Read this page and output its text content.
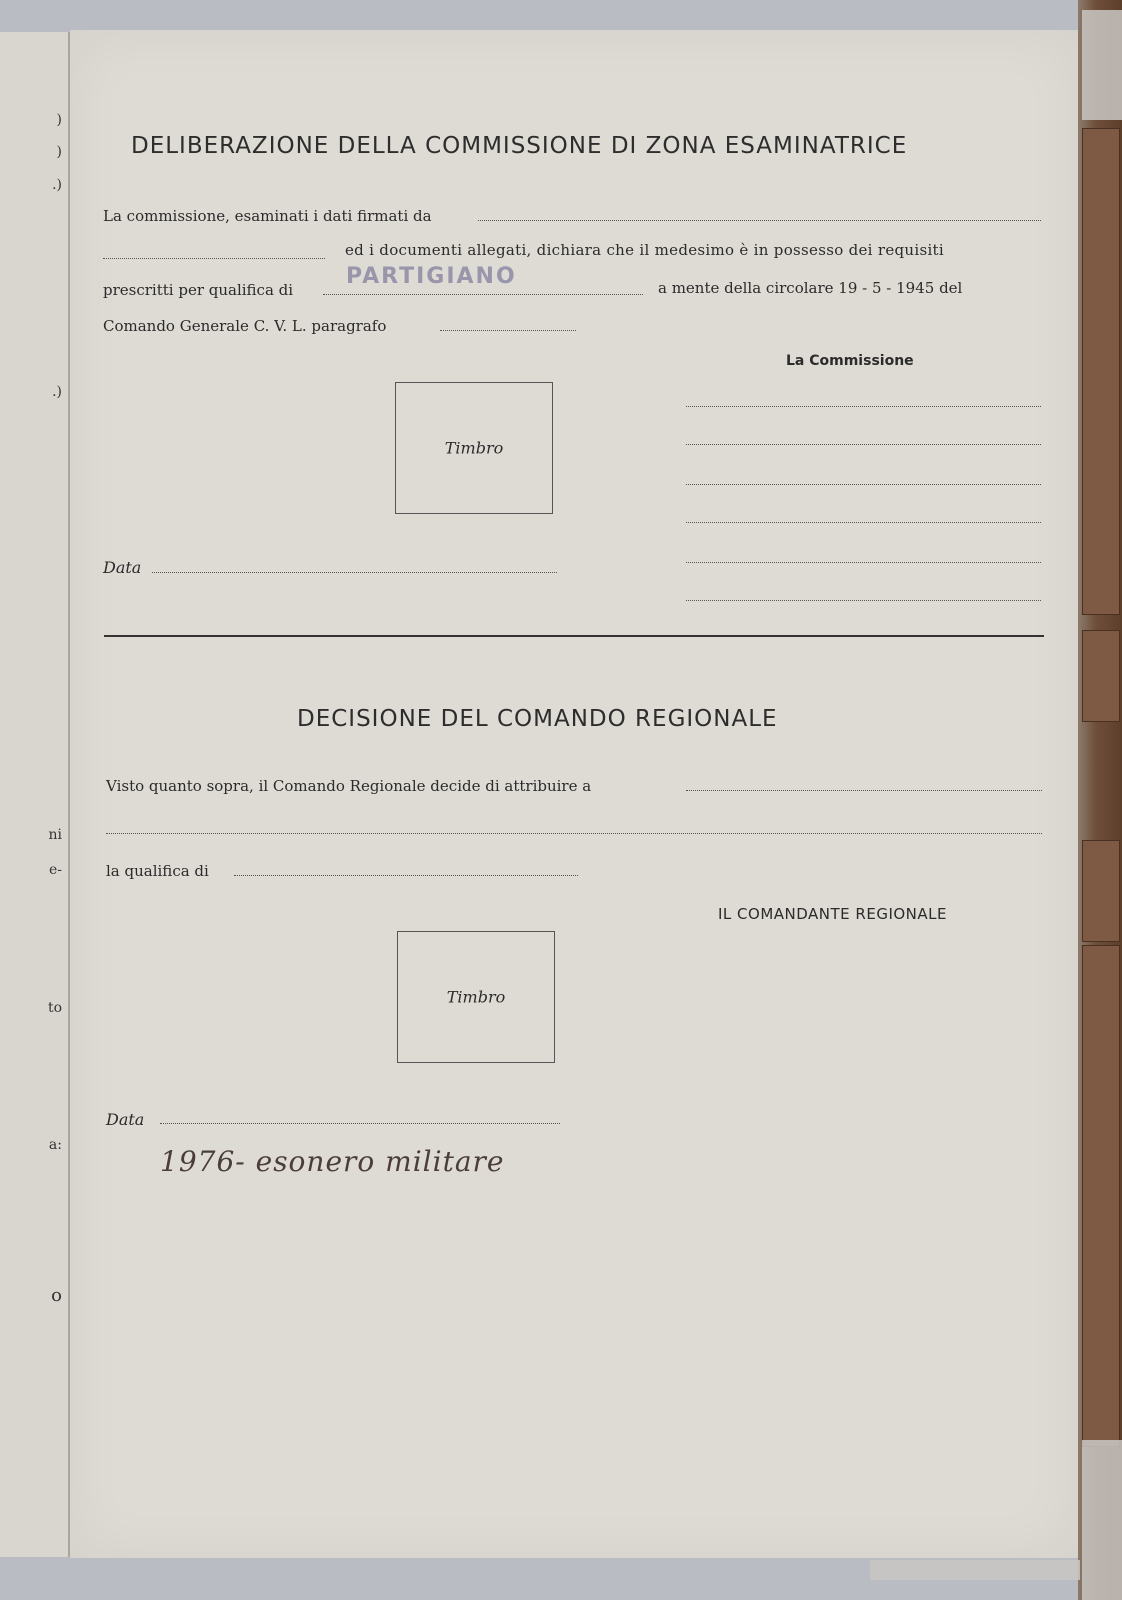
)
)
.)
.)
ni
e-
to
a:
o
DELIBERAZIONE DELLA COMMISSIONE DI ZONA ESAMINATRICE
La commissione, esaminati i dati firmati da
ed i documenti allegati, dichiara che il medesimo è in possesso dei requisiti
prescritti per qualifica di
PARTIGIANO	a mente della circolare 19 - 5 - 1945 del
Comando Generale C. V. L. paragrafo
La Commissione
Timbro
Data
DECISIONE DEL COMANDO REGIONALE
Visto quanto sopra, il Comando Regionale decide di attribuire a
la qualifica di
IL COMANDANTE REGIONALE
Timbro
Data
1976- esonero militare
